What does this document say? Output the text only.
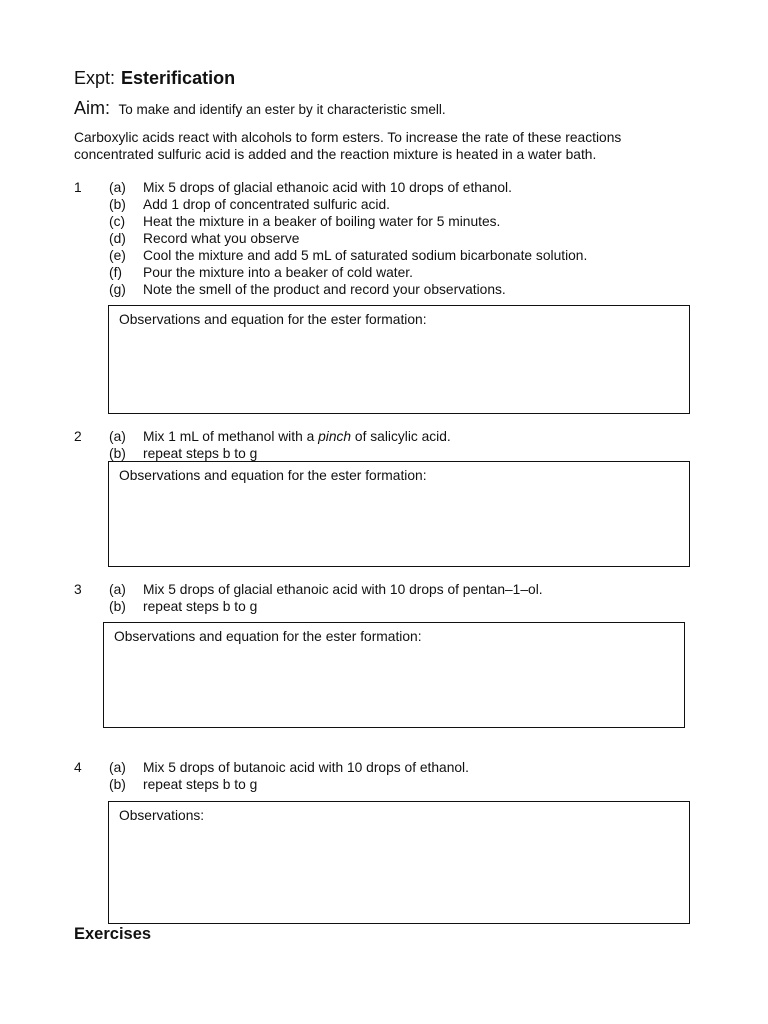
Expt: Esterification
Aim: To make and identify an ester by it characteristic smell.
Carboxylic acids react with alcohols to form esters. To increase the rate of these reactions
concentrated sulfuric acid is added and the reaction mixture is heated in a water bath.
1 (a) Mix 5 drops of glacial ethanoic acid with 10 drops of ethanol.
(b) Add 1 drop of concentrated sulfuric acid.
(c) Heat the mixture in a beaker of boiling water for 5 minutes.
(d) Record what you observe
(e) Cool the mixture and add 5 mL of saturated sodium bicarbonate solution.
(f) Pour the mixture into a beaker of cold water.
(g) Note the smell of the product and record your observations.
Observations and equation for the ester formation:
2 (a) Mix 1 mL of methanol with a pinch of salicylic acid.
(b) repeat steps b to g
Observations and equation for the ester formation:
3 (a) Mix 5 drops of glacial ethanoic acid with 10 drops of pentan–1–ol.
(b) repeat steps b to g
Observations and equation for the ester formation:
4 (a) Mix 5 drops of butanoic acid with 10 drops of ethanol.
(b) repeat steps b to g
Observations:
Exercises
